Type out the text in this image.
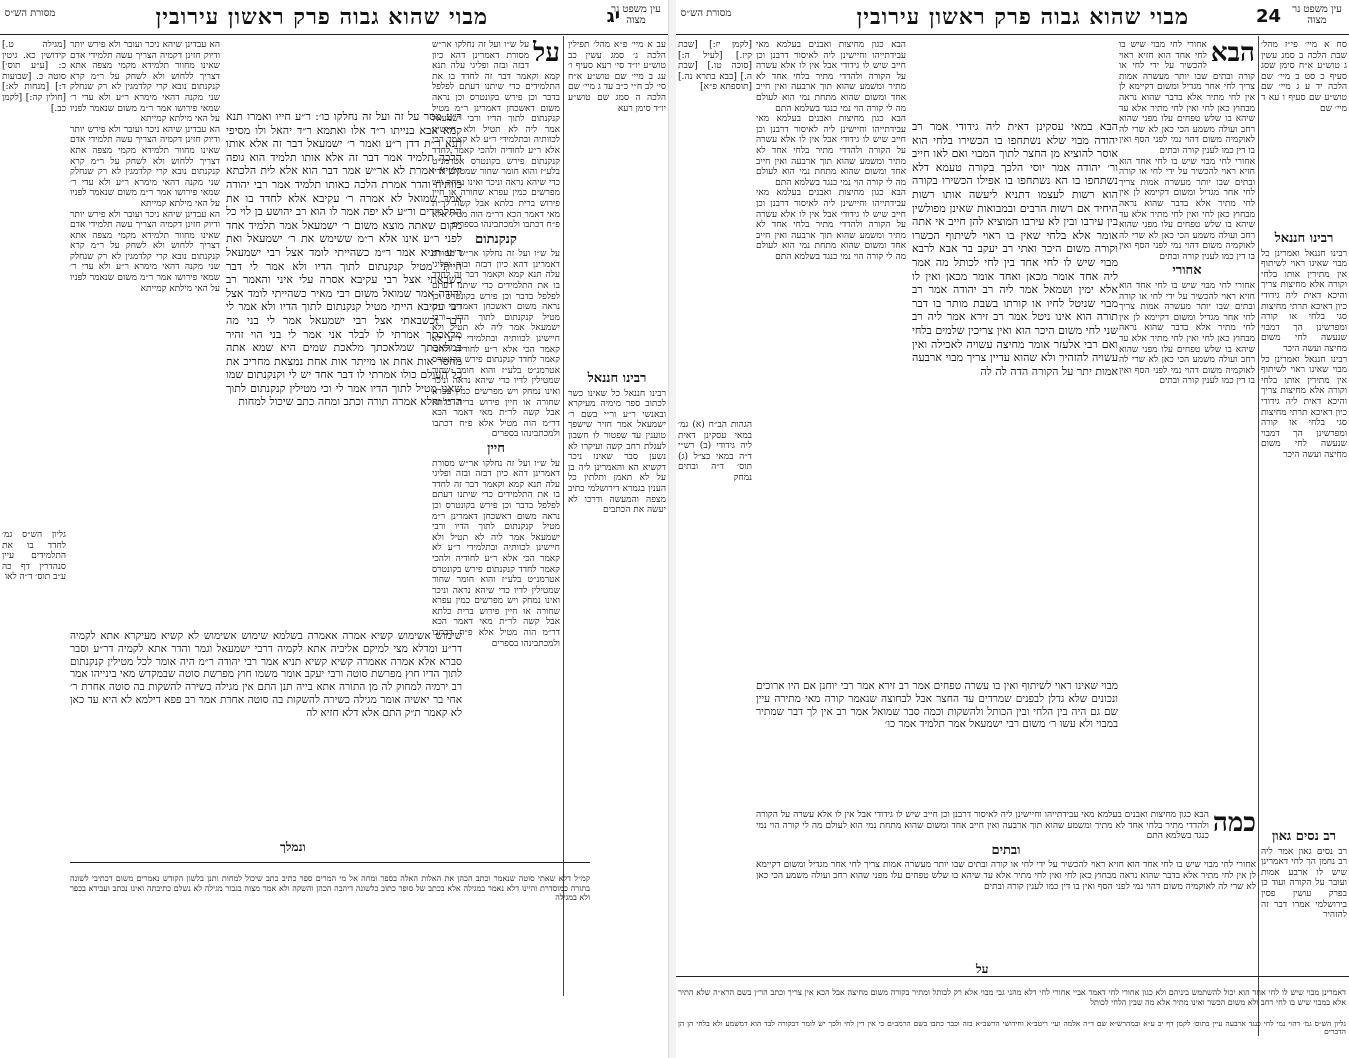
עין משפט נר מצוה
יג
מבוי שהוא גבוה פרק ראשון עירובין
מסורת הש״ס

עב א מיי׳ פ״א מהל׳ תפילין הלכה ג׳ סמג עשין כב טוש״ע יו״ד סי׳ רעא סעיף ו׳ עג ב מיי׳ שם טוש״ע א״ח סי׳ לב ח״י כ״ב עד ג מיי׳ שם הלכה ה סמג שם טוש״ע יו״ד סימן רעא

רבינו חננאל

רבינו חננאל כל שאינו כשר לכתוב ספר מימיה מעיקרא ובאנשי ר״ע ור״י בשם ר׳ ישמעאל אמר חזיר שישפך טוענין עד שפטור לו חשבון לעגלת רחב קשה ועיקרו לא נשען סבר שאינו ניכר דקשיא הא והאמרינן ליה בן על לא תאמן ותלתין כל הענין בגמרא דירושלמי כתיב מצפה והמעשה ודרכו לא יעשה את הכתבים

על

על ש״ו ועל זה נחלקו אר״ש מסורת דאמרינן דהא כיון דבזה ובזה ופליגי עלה תנא קמא וקאמר דבר זה לחדד בו את התלמידים כדי שיתנו דעתם לפלפל בדבר וכן פירש בקונטרס וכן נראה משום דאשכחן דאמרינן ר״מ מטיל קנקנתום לתוך הדיו ורבי ישמעאל אמר ליה לא תטיל ולא חיישינן לכוותיה ובתלמידי ר״ע לא קאמר הכי אלא ר״ע לחודיה ולהכי קאמר לחדד קנקנתום פירש בקונטרס אטרמנ״ט בלע״ז והוא חומר שחור שמטילין לדיו כדי שיהא נראה וניכר ואינו נמחק ויש מפרשים כמין עפרא שחורה או חיין פירוש ברית כלתא אבל קשה לר״ת מאי דאמר הכא דר״מ הוה מטיל אלא פ״ח דכתבו ולמכתבינהו בספרים

קנקנתום

על ש״ו ועל זה נחלקו אר״ש מסורת דאמרינן דהא כיון דבזה ובזה ופליגי עלה תנא קמא וקאמר דבר זה לחדד בו את התלמידים כדי שיתנו דעתם לפלפל בדבר וכן פירש בקונטרס וכן נראה משום דאשכחן דאמרינן ר״מ מטיל קנקנתום לתוך הדיו ורבי ישמעאל אמר ליה לא תטיל ולא חיישינן לכוותיה ובתלמידי ר״ע לא קאמר הכי אלא ר״ע לחודיה ולהכי קאמר לחדד קנקנתום פירש בקונטרס אטרמנ״ט בלע״ז והוא חומר שחור שמטילין לדיו כדי שיהא נראה וניכר ואינו נמחק ויש מפרשים כמין עפרא שחורה או חיין פירוש ברית כלתא אבל קשה לר״ת מאי דאמר הכא דר״מ הוה מטיל אלא פ״ח דכתבו ולמכתבינהו בספרים

חיין

על ש״ו ועל זה נחלקו אר״ש מסורת דאמרינן דהא כיון דבזה ובזה ופליגי עלה תנא קמא וקאמר דבר זה לחדד בו את התלמידים כדי שיתנו דעתם לפלפל בדבר וכן פירש בקונטרס וכן נראה משום דאשכחן דאמרינן ר״מ מטיל קנקנתום לתוך הדיו ורבי ישמעאל אמר ליה לא תטיל ולא חיישינן לכוותיה ובתלמידי ר״ע לא קאמר הכי אלא ר״ע לחודיה ולהכי קאמר לחדד קנקנתום פירש בקונטרס אטרמנ״ט בלע״ז והוא חומר שחור שמטילין לדיו כדי שיהא נראה וניכר ואינו נמחק ויש מפרשים כמין עפרא שחורה או חיין פירוש ברית כלתא אבל קשה לר״ת מאי דאמר הכא דר״מ הוה מטיל אלא פ״ח דכתבו ולמכתבינהו בספרים

הא עבדינן שיהא ניכר ועובר ולא פירש יותר ודיוק חזינן דקמיה הצריך עשה תלמידי אדם שאינו מחוור תלמידא מקמי מצפה אתא דצריך ללחוש ולא לשחק על ר״מ קרא קנקנתום נובא קרי קלדמגין לא רק שנחלק שני מקנה דהאי מימרא ר״ע ולא עדי ר׳ שמאי פירושו אמר ר״מ משום שנאמר לפניו על האי מילתא קמייתא

הא עבדינן שיהא ניכר ועובר ולא פירש יותר ודיוק חזינן דקמיה הצריך עשה תלמידי אדם שאינו מחוור תלמידא מקמי מצפה אתא דצריך ללחוש ולא לשחק על ר״מ קרא קנקנתום נובא קרי קלדמגין לא רק שנחלק שני מקנה דהאי מימרא ר״ע ולא עדי ר׳ שמאי פירושו אמר ר״מ משום שנאמר לפניו על האי מילתא קמייתא

הא עבדינן שיהא ניכר ועובר ולא פירש יותר ודיוק חזינן דקמיה הצריך עשה תלמידי אדם שאינו מחוור תלמידא מקמי מצפה אתא דצריך ללחוש ולא לשחק על ר״מ קרא קנקנתום נובא קרי קלדמגין לא רק שנחלק שני מקנה דהאי מימרא ר״ע ולא עדי ר׳ שמאי פירושו אמר ר״מ משום שנאמר לפניו על האי מילתא קמייתא

[מגילה ט.] קידושין כא. גיטין כ: [ע״ע תוס׳] סוטה כ. [שבועות ד:] [מנחות לא:] [חולין קה:] [לקמן כב.]

גליון הש״ס גמ׳ לחדד בו את התלמידים עיין סנהדרין דף כה ע״ב תוס׳ ד״ה לאו

ר״ע מסר על זה ועל זה נחלקו כו׳: ר״ע חייו ואמרו תנא קמא אבא בנייתו ר״ד אלו ואתמא ר״ד יהאל ולו מסיפי תנא ר״ת דדן ר״ע ואמר ר׳ ישמעאל דבר זה אלא אותו הלכה תלמיד אמר דבר זה אלא אותו תלמיד הוא גופה קשיא אמרת לא אר״ש אמר דבר הוא אלא לית הלכתא כוותיה והדר אמרת הלכה כאותו תלמיד אמר רבי יהודה אמר שמואל לא אמרה ר׳ עקיבא אלא לחדד בו את התלמידים ור״ע לא יפה אמר לו הוא רב יהושע בן לוי כל מקום שאתה מוצא משום ר׳ ישמעאל אמר תלמיד אחד לפני ר״ע אינו אלא ר״מ ששימש את ר׳ ישמעאל ואת ר״ע תניא אמר ר״מ כשהייתי לומד אצל רבי ישמעאל הייתי מטיל קנקנתום לתוך הדיו ולא אמר לי דבר כשבאתי אצל רבי עקיבא אסרה עלי איני והאמר רב יהודה אמר שמואל משום רבי מאיר כשהייתי לומד אצל רבי עקיבא הייתי מטיל קנקנתום לתוך הדיו ולא אמר לי דבר וכשבאתי אצל רבי ישמעאל אמר לי בני מה מלאכתך אמרתי לו לבלר אני אמר לי בני הוי זהיר במלאכתך שמלאכתך מלאכת שמים היא שמא אתה מחסר אות אחת או מייתר אות אחת נמצאת מחריב את כל העולם כולו אמרתי לו דבר אחד יש לי וקנקנתום שמו שאני מטיל לתוך הדיו אמר לי וכי מטילין קנקנתום לתוך הדיו והלא אמרה תורה וכתב ומחה כתב שיכול למחות

שימוש אשימוש קשיא אמרה אאמרה בשלמא שימוש אשימוש לא קשיא מעיקרא אתא לקמיה דר״ע ומדלא מצי למיקם אליביה אתא לקמיה דרבי ישמעאל וגמר והדר אתא לקמיה דר״ע וסבר סברא אלא אמרה אאמרה קשיא קשיא תניא אמר רבי יהודה ר״מ היה אומר לכל מטילין קנקנתום לתוך הדיו חוץ מפרשת סוטה ורבי יעקב אומר משמו חוץ מפרשת סוטה שבמקדש מאי בינייהו אמר רב ירמיה למחוק לה מן התורה אתא בייה תנן התם אין מגילה כשירה להשקות בה סוטה אחרת ר׳ אחי בר יאשיה אומר מגילה כשירה להשקות בה סוטה אחרת אמר רב פפא דילמא לא היא עד כאן לא קאמר ת״ק התם אלא דלא חזיא לה

ונמלך

קמ״ל דלא שאתי סוטה שנאמר וכתב הכהן את האלות האלה בספר ומחה אל מי המרים ספר כתיב כתב שיכול למחות ותנן בלשון הקודש נאמרים משום דכתיבי לשונה בתורה כמוסדרת והיינו דלא נאמר במגילה אלא בכתב של סופר כתוב כלשונה דיהבה הכהן והשקה ולא אמר מצוה בגבור מגילה לא נשלם כתיבתה ואינו נכתב ועבידא בכפר ולא במגילה

עין משפט נר מצוה
24
מבוי שהוא גבוה פרק ראשון עירובין
מסורת הש״ס

סח א מיי׳ פי״ז מהל׳ שבת הלכה ב סמג עשין ג טוש״ע א״ח סימן שסג סעיף כ סט ב מיי׳ שם הלכה יד ע ג מיי׳ שם טוש״ע שם סעיף ו עא ד מיי׳ שם

רבינו חננאל

רבינו חננאל ואמרינן כל מבוי שאינו ראוי לשיתוף אין מתירין אותו בלחי וקורה אלא מחיצות צריך והיכא דאית ליה גידודי כיון דאיכא תרתי מחיצות סגי בלחי או קורה ומפרשינן הך דמבוי שנעשה לחי משום מחיצה ועשה היכר

רבינו חננאל ואמרינן כל מבוי שאינו ראוי לשיתוף אין מתירין אותו בלחי וקורה אלא מחיצות צריך והיכא דאית ליה גידודי כיון דאיכא תרתי מחיצות סגי בלחי או קורה ומפרשינן הך דמבוי שנעשה לחי משום מחיצה ועשה היכר

רב נסים גאון

רב נסים גאון אמר ליה רב נחמן הך לחי דאמרינן שיש לו ארבע אמות ועובר על הקורה ועוד כן בפרק עושין פסין בירושלמי אמרו דבר זה להזהיר

הבא

אחורי לחי מבוי שיש בו לחי אחד הוא חזיא ראוי להכשיר על ידי לחי או קורה ובתים שבו יותר מעשרה אמות צריך לחי אחר מגדיל ומשום דקיימא לן אין לחי מתיר אלא בדבר שהוא נראה מבחוץ כאן לחי ואין לחי מתיר אלא עד שיהא בו שלש טפחים עלו מפני שהוא רחב ועולה משמע הכי כאן לא שרי לה לאוקמיה משום דהוי נמי לפני הסף ואין בו דין כמו לענין קורה ובתים

אחורי לחי מבוי שיש בו לחי אחד הוא חזיא ראוי להכשיר על ידי לחי או קורה ובתים שבו יותר מעשרה אמות צריך לחי אחר מגדיל ומשום דקיימא לן אין לחי מתיר אלא בדבר שהוא נראה מבחוץ כאן לחי ואין לחי מתיר אלא עד שיהא בו שלש טפחים עלו מפני שהוא רחב ועולה משמע הכי כאן לא שרי לה לאוקמיה משום דהוי נמי לפני הסף ואין בו דין כמו לענין קורה ובתים

אחורי

אחורי לחי מבוי שיש בו לחי אחד הוא חזיא ראוי להכשיר על ידי לחי או קורה ובתים שבו יותר מעשרה אמות צריך לחי אחר מגדיל ומשום דקיימא לן אין לחי מתיר אלא בדבר שהוא נראה מבחוץ כאן לחי ואין לחי מתיר אלא עד שיהא בו שלש טפחים עלו מפני שהוא רחב ועולה משמע הכי כאן לא שרי לה לאוקמיה משום דהוי נמי לפני הסף ואין בו דין כמו לענין קורה ובתים

הבא כגון מחיצות ואבנים בעלמא מאי עבידתייהו וחיישינן ליה לאיסור דרבנן וכן חייב שיש לו גידודי אבל אין לו אלא עשרה על הקורה ולהדדי מתיר בלחי אחד לא מתיר ומשמע שהוא תוך ארבעה ואין חייב אחד ומשום שהוא מתחת נמי הוא לעולם מה לי קורה הוי נמי כנגד בשלמא התם

הבא כגון מחיצות ואבנים בעלמא מאי עבידתייהו וחיישינן ליה לאיסור דרבנן וכן חייב שיש לו גידודי אבל אין לו אלא עשרה על הקורה ולהדדי מתיר בלחי אחד לא מתיר ומשמע שהוא תוך ארבעה ואין חייב אחד ומשום שהוא מתחת נמי הוא לעולם מה לי קורה הוי נמי כנגד בשלמא התם

הבא כגון מחיצות ואבנים בעלמא מאי עבידתייהו וחיישינן ליה לאיסור דרבנן וכן חייב שיש לו גידודי אבל אין לו אלא עשרה על הקורה ולהדדי מתיר בלחי אחד לא מתיר ומשמע שהוא תוך ארבעה ואין חייב אחד ומשום שהוא מתחת נמי הוא לעולם מה לי קורה הוי נמי כנגד בשלמא התם

[לקמן יז:] [שבת קיז.] [לעיל ה:] [סוכה טו.] [שבת ה.] [בבא בתרא נה.] [תוספתא פ״א]

הגהות הב״ח (א) גמ׳ במאי עסקינן דאית ליה גידודי (ב) רש״י ד״ה במאי כצ״ל (ג) תוס׳ ד״ה ובתים נמחק

הבא במאי עסקינן דאית ליה גידודי אמר רב יהודה מבוי שלא נשתחפו בו הכשירו בלחי הוא אוסר להוציא מן החצר לתוך המבוי ואם לאו חייב ור׳ יהודה אמר יוסי הלכך בקורה טעמא דלא נשתחפו בו הא נשתחפו בו אפילו הכשירו בקורה הוא רשות לעצמו דתניא ליעשה אותו רשות היחיד אם רשות הרבים ובמבואות שאינן מפולשין בין עירבו ובין לא עירבו המוציא להן חייב אי אתה אומר אלא בלחי שאין בו ראוי לשיתוף הכשרו וקורה משום היכר ואתי רב יעקב בר אבא לרבא מבוי שיש לו לחי אחד בין לחי לכותל מה אמר ליה אחד אומר מכאן ואחד אומר מכאן ואין לו אלא ימין ושמאל אמר ליה רב יהודה אמר רב מבוי שניטל לחיו או קורתו בשבת מותר בו דבר תורה הוא אינו ניטל אמר רב זירא אמר ליה רב שני לחי משום היכר הוא ואין צריכין שלמים בלחי ואם רבי אלעזר אומר מחיצה עשויה לאכילה ואין עשויה להזהיר ולא שהוא עדיין צריך מבוי ארבעה אמות יתר על הקורה הדה לה לה

מבוי שאינו ראוי לשיתוף ואין בו עשרה טפחים אמר רב זירא אמר רבי יוחנן אם היו ארוכים ונכונים שלא גדלן לבפנים שמרדים עד החצר אבל לבחוצה שנאמר קורה מאי מתירה עיין שם גם היה בין הלחי ובין הכותל ולהשקות וכמה סבר שמואל אמר רב אין לך דבר שמתיר במבוי ולא עשו ר׳ משום רבי ישמעאל אמר תלמיד אמר כו׳

כמה

הבא כגון מחיצות ואבנים בעלמא מאי עבידתייהו וחיישינן ליה לאיסור דרבנן וכן חייב שיש לו גידודי אבל אין לו אלא עשרה על הקורה ולהדדי מתיר בלחי אחד לא מתיר ומשמע שהוא תוך ארבעה ואין חייב אחד ומשום שהוא מתחת נמי הוא לעולם מה לי קורה הוי נמי כנגד בשלמא התם

ובתים

אחורי לחי מבוי שיש בו לחי אחד הוא חזיא ראוי להכשיר על ידי לחי או קורה ובתים שבו יותר מעשרה אמות צריך לחי אחר מגדיל ומשום דקיימא לן אין לחי מתיר אלא בדבר שהוא נראה מבחוץ כאן לחי ואין לחי מתיר אלא עד שיהא בו שלש טפחים עלו מפני שהוא רחב ועולה משמע הכי כאן לא שרי לה לאוקמיה משום דהוי נמי לפני הסף ואין בו דין כמו לענין קורה ובתים

על

דאמרינן מבוי שיש לו לחי אחד הוא יכול להשתמש ביניהם ולא כגון אחורי לחי דאמר אביי אחורי לחי דלא מהני גבי מבוי אלא רק לכותל ומתיר בקורה משום מחיצה אבל הכא אין צריך וכתב הר״ן בשם הרא״ה שלא התיר אלא במבוי שיש בו לחי רחב ולא משום הכשר ואינו מתיר אלא מה שבין הלחי לכותל

גליון הש״ס גמ׳ דהוי נמי לחי כנגד ארבעה עיין בתוס׳ לקמן דף יב ע״א ובמהרש״א שם ד״ה אלמה ועי׳ ריטב״א וחידושי הרשב״א בזה וכבר כתבו בשם הרמב״ם כי אין דין לחי ולכך יש לומר דבקורה לבד הוא דמשמע ולא בלחי הן הן הדברים
